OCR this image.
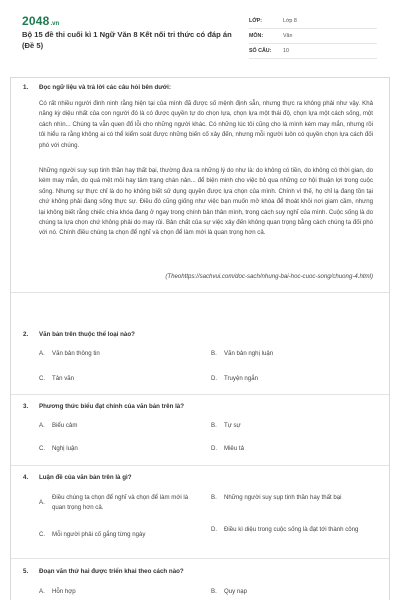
2048 .vn
Bộ 15 đề thi cuối kì 1 Ngữ Văn 8 Kết nối tri thức có đáp án (Đề 5)
LỚP:	Lớp 8
MÔN:	Văn
SỐ CÂU:	10
1. Đọc ngữ liệu và trả lời các câu hỏi bên dưới:
Có rất nhiều người đinh ninh rằng hiện tại của mình đã được số mệnh định sẵn, nhưng thực ra không phải như vậy. Khả năng kỳ diệu nhất của con người đó là có được quyền tự do chọn lựa, chọn lựa một thái độ, chọn lựa một cách sống, một cách nhìn... Chúng ta vẫn quen đổ lỗi cho những người khác. Có những lúc tôi cũng cho là mình kém may mắn, nhưng rồi tôi hiểu ra rằng không ai có thể kiểm soát được những biến cố xảy đến, nhưng mỗi người luôn có quyền chọn lựa cách đối phó với chúng.
Những người suy sụp tinh thần hay thất bại, thường đưa ra những lý do như là: do không có tiền, do không có thời gian, do kém may mắn, do quá mệt mỏi hay tâm trạng chán nản... để biện minh cho việc bỏ qua những cơ hội thuận lợi trong cuộc sống. Nhưng sự thực chỉ là do họ không biết sử dụng quyền được lựa chọn của mình. Chính vì thế, họ chỉ lạ đang tồn tại chứ không phải đang sống thực sự. Điều đó cũng giống như việc bạn muốn mở khóa để thoát khỏi nơi giam cầm, nhưng lại không biết rằng chiếc chìa khóa đang ở ngay trong chính bản thân mình, trong cách suy nghĩ của mình. Cuộc sống là do chúng ta lựa chọn chứ không phải do may rủi. Bản chất của sự việc xảy đến không quan trọng bằng cách chúng ta đối phó với nó. Chính điều chúng ta chọn để nghĩ và chọn để làm mới là quan trọng hơn cả.
(Theohttps://sachvui.com/doc-sach/nhung-bai-hoc-cuoc-song/chuong-4.html)
2. Văn bản trên thuộc thể loại nào?
A.	Văn bản thông tin	B.	Văn bản nghị luận
C.	Tản văn	D.	Truyện ngắn
3. Phương thức biểu đạt chính của văn bản trên là?
A.	Biểu cảm	B.	Tự sự
C.	Nghị luận	D.	Miêu tả
4. Luận đề của văn bản trên là gì?
A.
Điều chúng ta chọn để nghĩ và chọn để làm mới là quan trọng hơn cả.
B.	Những người suy sụp tinh thần hay thất bại
C.	Mỗi người phải cố gắng từng ngày
D.	Điều kì diệu trong cuộc sống là đạt tới thành công
5. Đoạn văn thứ hai được triển khai theo cách nào?
A.	Hỗn hợp	B.	Quy nạp
